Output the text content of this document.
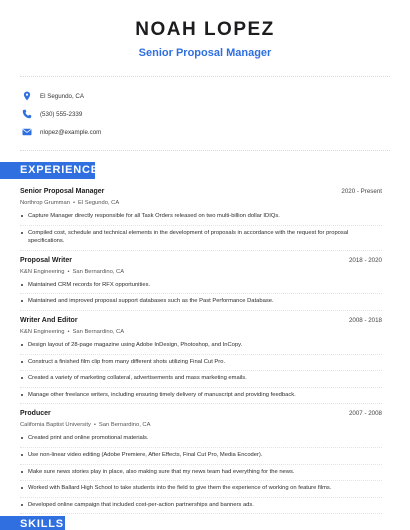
NOAH LOPEZ
Senior Proposal Manager
El Segundo, CA
(530) 555-2339
nlopez@example.com
EXPERIENCE
Senior Proposal Manager	2020 - Present
Northrop Grumman • El Segundo, CA
Capture Manager directly responsible for all Task Orders released on two multi-billion dollar IDIQs.
Compiled cost, schedule and technical elements in the development of proposals in accordance with the request for proposal specifications.
Proposal Writer	2018 - 2020
K&N Engineering • San Bernardino, CA
Maintained CRM records for RFX opportunities.
Maintained and improved proposal support databases such as the Past Performance Database.
Writer And Editor	2008 - 2018
K&N Engineering • San Bernardino, CA
Design layout of 28-page magazine using Adobe InDesign, Photoshop, and InCopy.
Construct a finished film clip from many different shots utilizing Final Cut Pro.
Created a variety of marketing collateral, advertisements and mass marketing emails.
Manage other freelance writers, including ensuring timely delivery of manuscript and providing feedback.
Producer	2007 - 2008
California Baptist University • San Bernardino, CA
Created print and online promotional materials.
Use non-linear video editing (Adobe Premiere, After Effects, Final Cut Pro, Media Encoder).
Make sure news stories play in place, also making sure that my news team had everything for the news.
Worked with Ballard High School to take students into the field to give them the experience of working on feature films.
Developed online campaign that included cost-per-action partnerships and banners ads.
SKILLS
